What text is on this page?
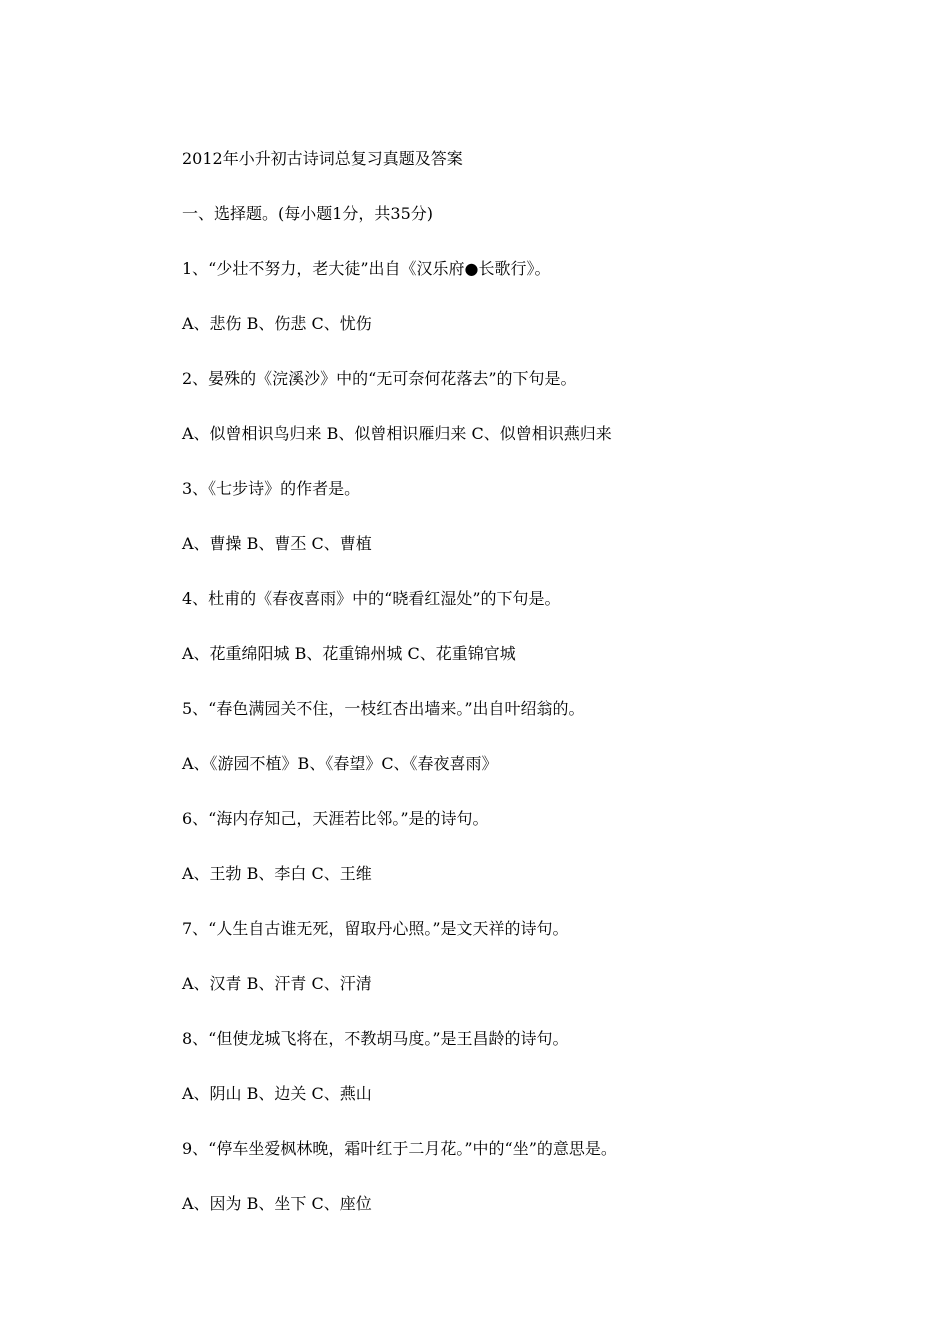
2012年小升初古诗词总复习真题及答案
一、选择题。(每小题1分，共35分)
1、“少壮不努力，老大徒”出自《汉乐府●长歌行》。
A、悲伤 B、伤悲 C、忧伤
2、晏殊的《浣溪沙》中的“无可奈何花落去”的下句是。
A、似曾相识鸟归来 B、似曾相识雁归来 C、似曾相识燕归来
3、《七步诗》的作者是。
A、曹操 B、曹丕 C、曹植
4、杜甫的《春夜喜雨》中的“晓看红湿处”的下句是。
A、花重绵阳城 B、花重锦州城 C、花重锦官城
5、“春色满园关不住，一枝红杏出墙来。”出自叶绍翁的。
A、《游园不植》B、《春望》C、《春夜喜雨》
6、“海内存知己，天涯若比邻。”是的诗句。
A、王勃 B、李白 C、王维
7、“人生自古谁无死，留取丹心照。”是文天祥的诗句。
A、汉青 B、汗青 C、汗清
8、“但使龙城飞将在，不教胡马度。”是王昌龄的诗句。
A、阴山 B、边关 C、燕山
9、“停车坐爱枫林晚，霜叶红于二月花。”中的“坐”的意思是。
A、因为 B、坐下 C、座位
